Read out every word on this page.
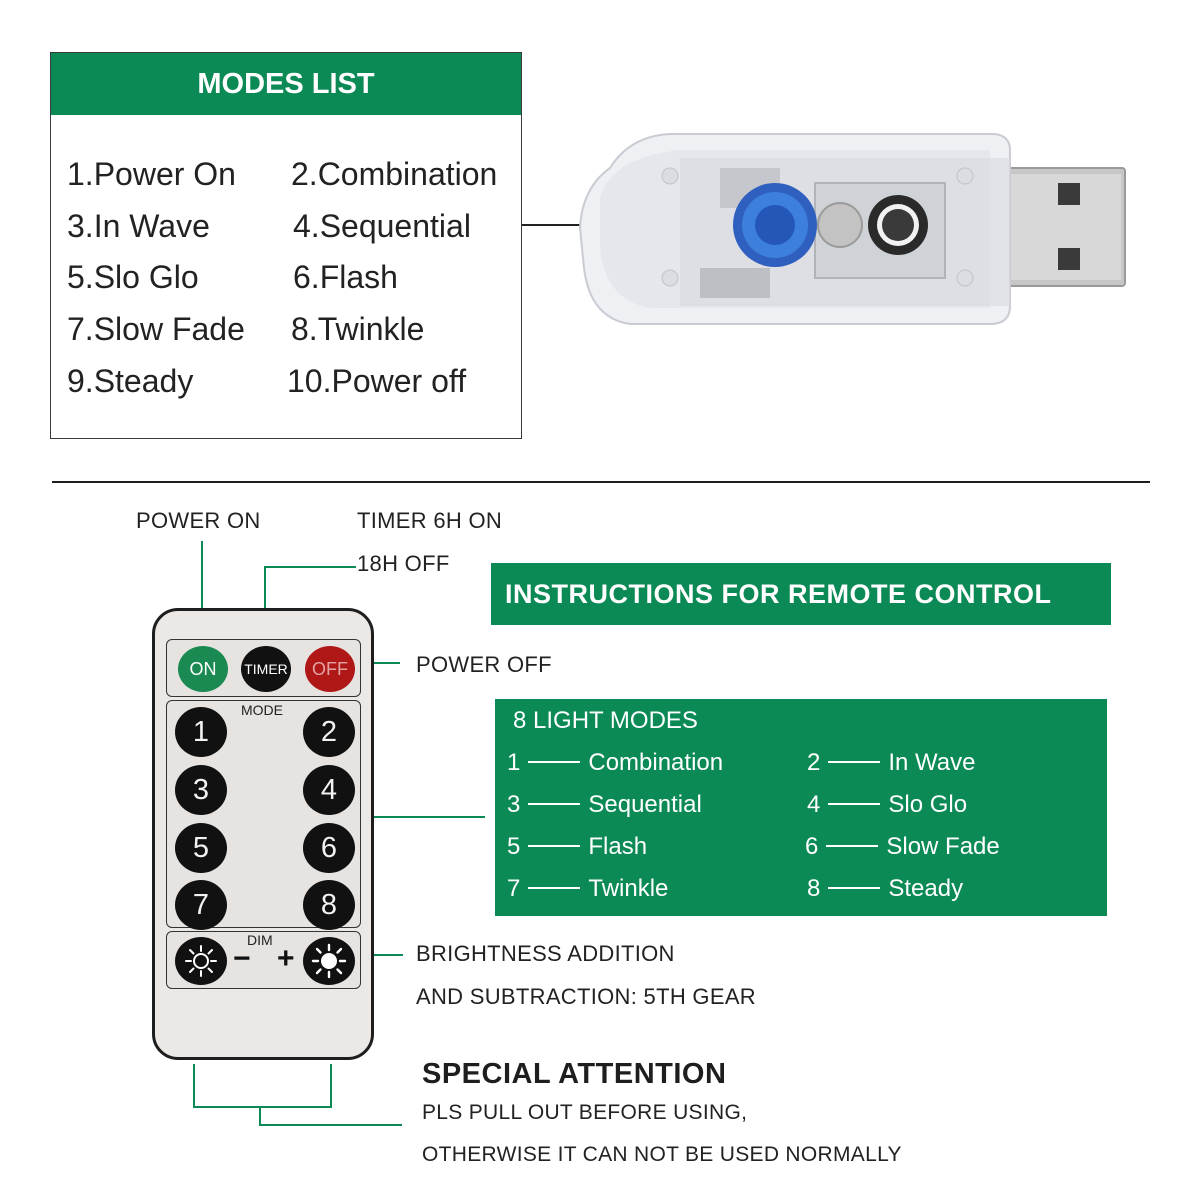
MODES LIST
1.Power On 2.Combination
3.In Wave	4.Sequential
5.Slo Glo	6.Flash
7.Slow Fade 8.Twinkle
9.Steady	10.Power off
POWER ON	TIMER 6H ON
18H OFF
POWER OFF
INSTRUCTIONS FOR REMOTE CONTROL
ON	TIMER	OFF
MODE
1	2
3	4
5	6
7	8
DIM
− +
8 LIGHT MODES
1	Combination	2	In Wave
3	Sequential	4	Slo Glo
5	Flash	6	Slow Fade
7	Twinkle	8	Steady
BRIGHTNESS ADDITION
AND SUBTRACTION: 5TH GEAR
SPECIAL ATTENTION
PLS PULL OUT BEFORE USING,
OTHERWISE IT CAN NOT BE USED NORMALLY
